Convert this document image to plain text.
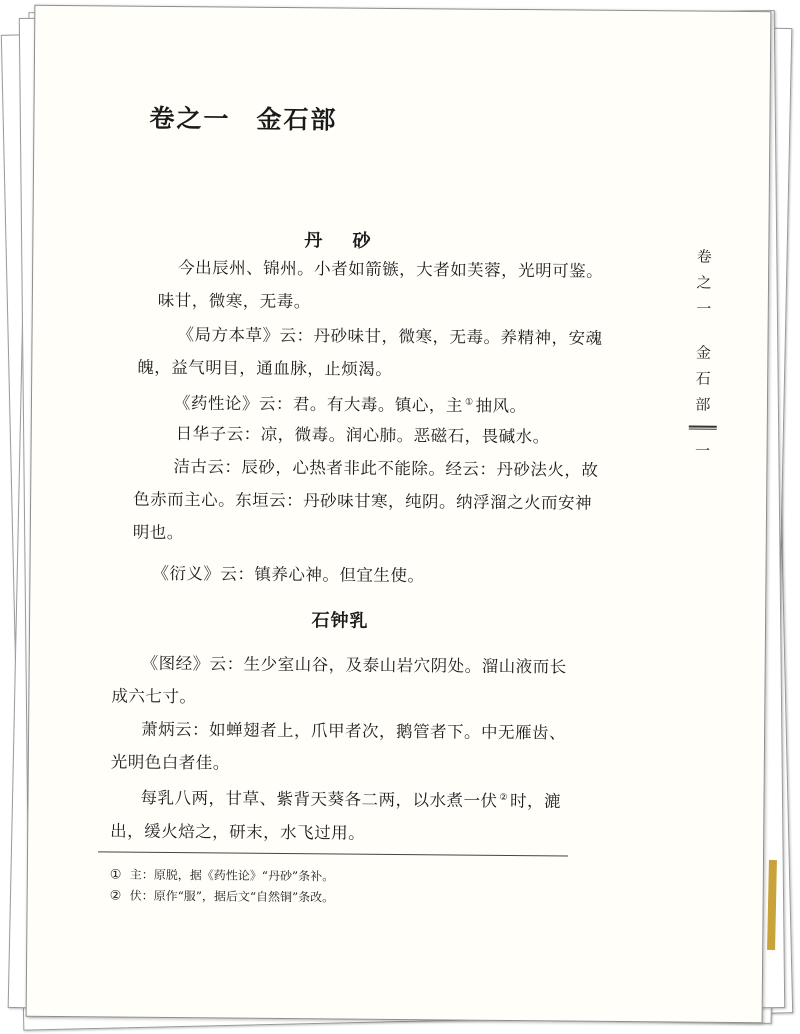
卷之一 金石部
丹 砂

今出辰州、锦州。小者如箭镞，大者如芙蓉，光明可鉴。
味甘，微寒，无毒。

《局方本草》云：丹砂味甘，微寒，无毒。养精神，安魂
魄，益气明目，通血脉，止烦渴。

《药性论》云：君。有大毒。镇心，主 ① 抽风。

日华子云：凉，微毒。润心肺。恶磁石，畏碱水。

洁古云：辰砂，心热者非此不能除。经云：丹砂法火，故
色赤而主心。东垣云：丹砂味甘寒，纯阴。纳浮溜之火而安神
明也。

《衍义》云：镇养心神。但宜生使。

石钟乳

《图经》云：生少室山谷，及泰山岩穴阴处。溜山液而长
成六七寸。

萧炳云：如蝉翅者上，爪甲者次，鹅管者下。中无雁齿、
光明色白者佳。

每乳八两，甘草、紫背天葵各二两，以水煮一伏 ② 时，漉
出，缓火焙之，研末，水飞过用。

卷
之
一
金
石
部
一
① 主：原脱，据《药性论》“丹砂”条补。
② 伏：原作“服”，据后文“自然铜”条改。
